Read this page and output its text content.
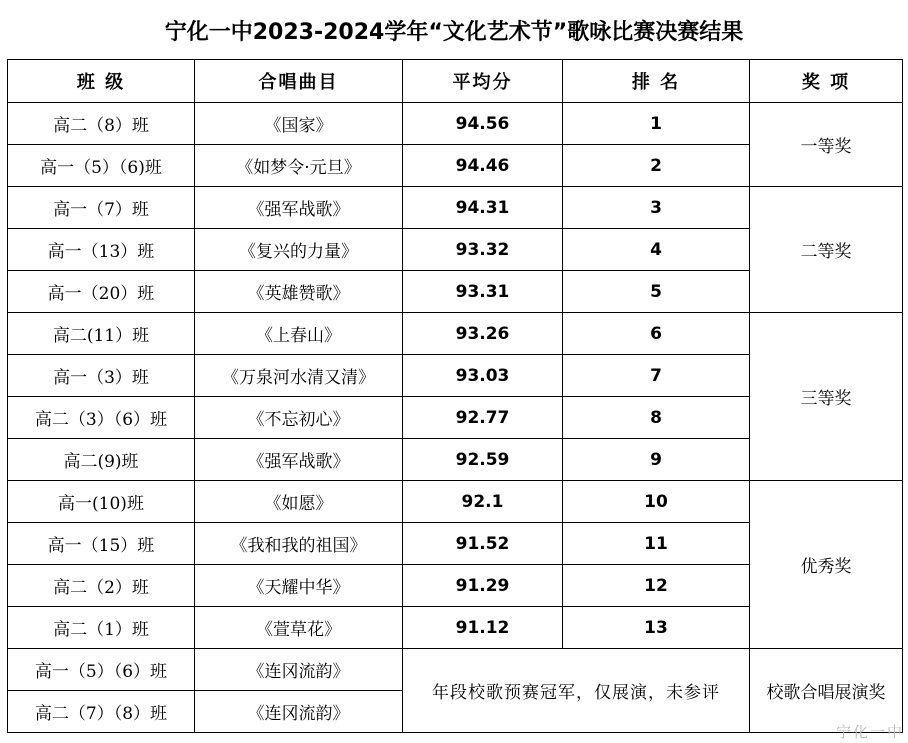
宁化一中2023-2024学年“文化艺术节”歌咏比赛决赛结果
班 级	合唱曲目	平均分	排 名	奖 项
高二（8）班	《国家》	94.56	1	一等奖
高一（5）（6)班	《如梦令·元旦》	94.46	2	
高一（7）班	《强军战歌》	94.31	3	二等奖
高一（13）班	《复兴的力量》	93.32	4	
高一（20）班	《英雄赞歌》	93.31	5	
高二(11）班	《上春山》	93.26	6	三等奖
高一（3）班	《万泉河水清又清》	93.03	7	
高二（3）（6）班	《不忘初心》	92.77	8	
高二(9)班	《强军战歌》	92.59	9	
高一(10)班	《如愿》	92.1	10	优秀奖
高一（15）班	《我和我的祖国》	91.52	11	
高二（2）班	《天耀中华》	91.29	12	
高二（1）班	《萱草花》	91.12	13	
高一（5）（6）班	《连冈流韵》	年段校歌预赛冠军，仅展演，未参评		校歌合唱展演奖
高二（7）（8）班	《连冈流韵》			
宁化一中
